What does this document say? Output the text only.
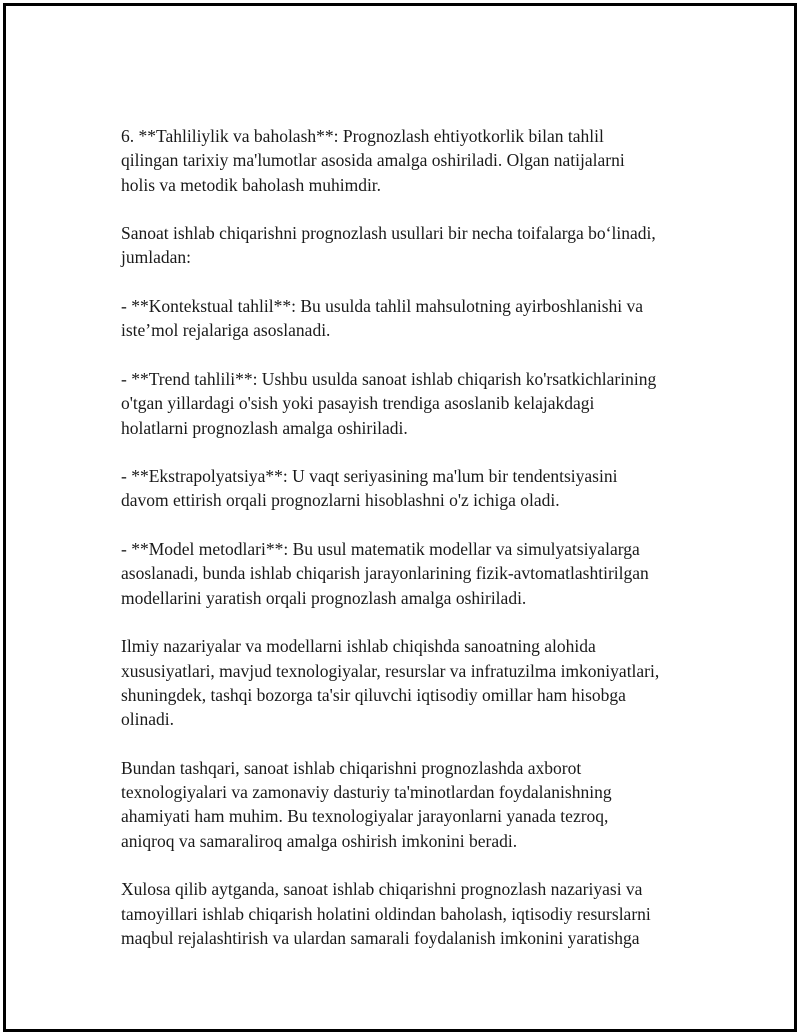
6. **Tahliliylik va baholash**: Prognozlash ehtiyotkorlik bilan tahlil
qilingan tarixiy ma'lumotlar asosida amalga oshiriladi. Olgan natijalarni
holis va metodik baholash muhimdir.

Sanoat ishlab chiqarishni prognozlash usullari bir necha toifalarga bo‘linadi,
jumladan:

- **Kontekstual tahlil**: Bu usulda tahlil mahsulotning ayirboshlanishi va
iste’mol rejalariga asoslanadi.

- **Trend tahlili**: Ushbu usulda sanoat ishlab chiqarish ko'rsatkichlarining
o'tgan yillardagi o'sish yoki pasayish trendiga asoslanib kelajakdagi
holatlarni prognozlash amalga oshiriladi.

- **Ekstrapolyatsiya**: U vaqt seriyasining ma'lum bir tendentsiyasini
davom ettirish orqali prognozlarni hisoblashni o'z ichiga oladi.

- **Model metodlari**: Bu usul matematik modellar va simulyatsiyalarga
asoslanadi, bunda ishlab chiqarish jarayonlarining fizik-avtomatlashtirilgan
modellarini yaratish orqali prognozlash amalga oshiriladi.

Ilmiy nazariyalar va modellarni ishlab chiqishda sanoatning alohida
xususiyatlari, mavjud texnologiyalar, resurslar va infratuzilma imkoniyatlari,
shuningdek, tashqi bozorga ta'sir qiluvchi iqtisodiy omillar ham hisobga
olinadi.

Bundan tashqari, sanoat ishlab chiqarishni prognozlashda axborot
texnologiyalari va zamonaviy dasturiy ta'minotlardan foydalanishning
ahamiyati ham muhim. Bu texnologiyalar jarayonlarni yanada tezroq,
aniqroq va samaraliroq amalga oshirish imkonini beradi.

Xulosa qilib aytganda, sanoat ishlab chiqarishni prognozlash nazariyasi va
tamoyillari ishlab chiqarish holatini oldindan baholash, iqtisodiy resurslarni
maqbul rejalashtirish va ulardan samarali foydalanish imkonini yaratishga
